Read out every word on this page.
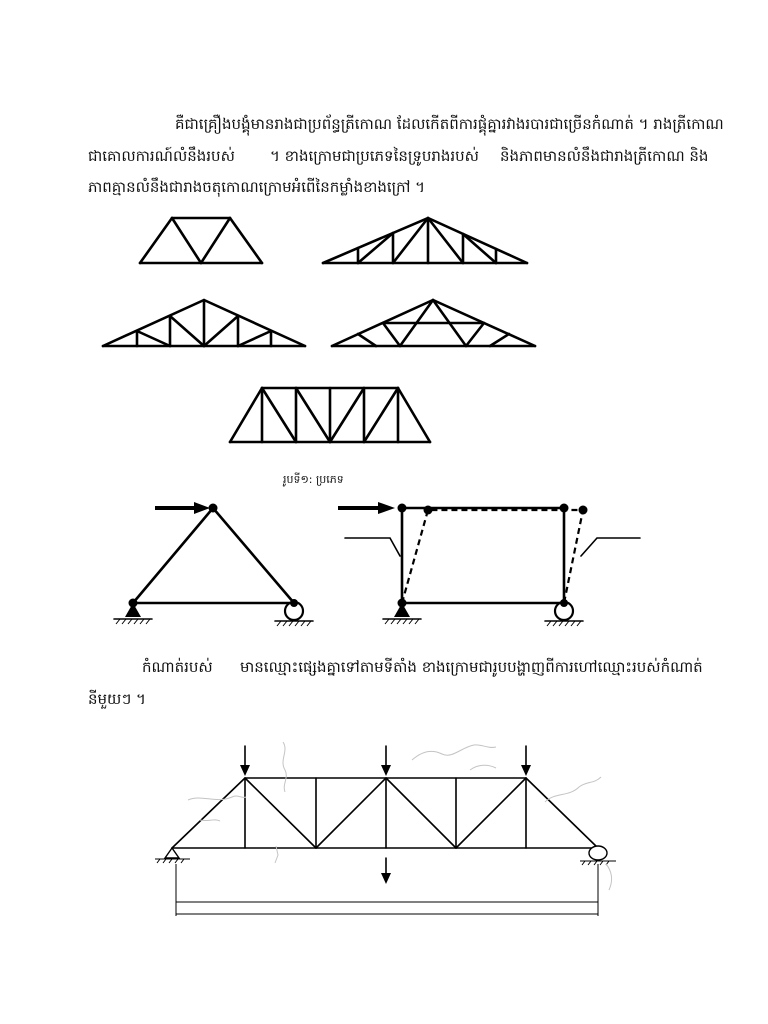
គឺជាគ្រឿងបង្គុំមានរាងជាប្រព័ន្ធត្រីកោណ ដែលកើតពីការផ្គុំគ្នារវាងរបារជាច្រើនកំណាត់ ។ រាងត្រីកោណ
ជាគោលការណ៍លំនឹងរបស់	។ ខាងក្រោមជាប្រភេទនៃទ្រូបរាងរបស់ និងភាពមានលំនឹងជារាងត្រីកោណ និង
ភាពគ្មានលំនឹងជារាងចតុកោណក្រោមអំពើនៃកម្លាំងខាងក្រៅ ។
រូបទី១: ប្រភេទ
កំណាត់របស់ មានឈ្មោះផ្សេងគ្នាទៅតាមទីតាំង ខាងក្រោមជារូបបង្ហាញពីការហៅឈ្មោះរបស់កំណាត់
នីមួយៗ ។
